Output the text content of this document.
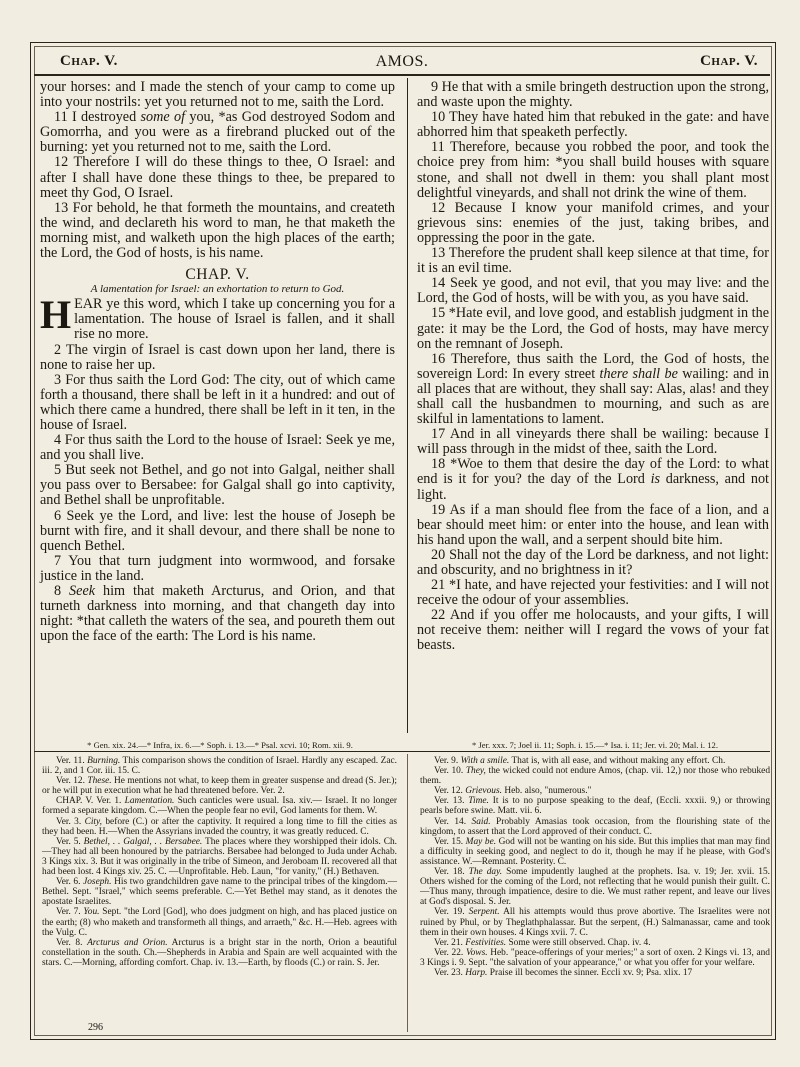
AMOS.
Chap. V.	Chap. V.

your horses: and I made the stench of your camp to come up into your nostrils: yet you returned not to me, saith the Lord.

11 I destroyed some of you, *as God destroyed Sodom and Gomorrha, and you were as a firebrand plucked out of the burning: yet you returned not to me, saith the Lord.

12 Therefore I will do these things to thee, O Israel: and after I shall have done these things to thee, be prepared to meet thy God, O Israel.

13 For behold, he that formeth the mountains, and createth the wind, and declareth his word to man, he that maketh the morning mist, and walketh upon the high places of the earth; the Lord, the God of hosts, is his name.

CHAP. V.
A lamentation for Israel: an exhortation to return to God.

HEAR ye this word, which I take up concerning you for a lamentation. The house of Israel is fallen, and it shall rise no more.

2 The virgin of Israel is cast down upon her land, there is none to raise her up.

3 For thus saith the Lord God: The city, out of which came forth a thousand, there shall be left in it a hundred: and out of which there came a hundred, there shall be left in it ten, in the house of Israel.

4 For thus saith the Lord to the house of Israel: Seek ye me, and you shall live.

5 But seek not Bethel, and go not into Galgal, neither shall you pass over to Bersabee: for Galgal shall go into captivity, and Bethel shall be unprofitable.

6 Seek ye the Lord, and live: lest the house of Joseph be burnt with fire, and it shall devour, and there shall be none to quench Bethel.

7 You that turn judgment into wormwood, and forsake justice in the land.

8 Seek him that maketh Arcturus, and Orion, and that turneth darkness into morning, and that changeth day into night: *that calleth the waters of the sea, and poureth them out upon the face of the earth: The Lord is his name.

9 He that with a smile bringeth destruction upon the strong, and waste upon the mighty.

10 They have hated him that rebuked in the gate: and have abhorred him that speaketh perfectly.

11 Therefore, because you robbed the poor, and took the choice prey from him: *you shall build houses with square stone, and shall not dwell in them: you shall plant most delightful vineyards, and shall not drink the wine of them.

12 Because I know your manifold crimes, and your grievous sins: enemies of the just, taking bribes, and oppressing the poor in the gate.

13 Therefore the prudent shall keep silence at that time, for it is an evil time.

14 Seek ye good, and not evil, that you may live: and the Lord, the God of hosts, will be with you, as you have said.

15 *Hate evil, and love good, and establish judgment in the gate: it may be the Lord, the God of hosts, may have mercy on the remnant of Joseph.

16 Therefore, thus saith the Lord, the God of hosts, the sovereign Lord: In every street there shall be wailing: and in all places that are without, they shall say: Alas, alas! and they shall call the husbandmen to mourning, and such as are skilful in lamentations to lament.

17 And in all vineyards there shall be wailing: because I will pass through in the midst of thee, saith the Lord.

18 *Woe to them that desire the day of the Lord: to what end is it for you? the day of the Lord is darkness, and not light.

19 As if a man should flee from the face of a lion, and a bear should meet him: or enter into the house, and lean with his hand upon the wall, and a serpent should bite him.

20 Shall not the day of the Lord be darkness, and not light: and obscurity, and no brightness in it?

21 *I hate, and have rejected your festivities: and I will not receive the odour of your assemblies.

22 And if you offer me holocausts, and your gifts, I will not receive them: neither will I regard the vows of your fat beasts.

* Gen. xix. 24.—* Infra, ix. 6.—* Soph. i. 13.—* Psal. xcvi. 10; Rom. xii. 9.	* Jer. xxx. 7; Joel ii. 11; Soph. i. 15.—* Isa. i. 11; Jer. vi. 20; Mal. i. 12.

Ver. 11. Burning. This comparison shows the condition of Israel. Hardly any escaped. Zac. iii. 2, and 1 Cor. iii. 15. C.

Ver. 12. These. He mentions not what, to keep them in greater suspense and dread (S. Jer.); or he will put in execution what he had threatened before. Ver. 2.

CHAP. V. Ver. 1. Lamentation. Such canticles were usual. Isa. xiv.— Israel. It no longer formed a separate kingdom. C.—When the people fear no evil, God laments for them. W.

Ver. 3. City, before (C.) or after the captivity. It required a long time to fill the cities as they had been. H.—When the Assyrians invaded the country, it was greatly reduced. C.

Ver. 5. Bethel, . . Galgal, . . Bersabee. The places where they worshipped their idols. Ch.—They had all been honoured by the patriarchs. Bersabee had belonged to Juda under Achab. 3 Kings xix. 3. But it was originally in the tribe of Simeon, and Jeroboam II. recovered all that had been lost. 4 Kings xiv. 25. C. —Unprofitable. Heb. Laun, "for vanity," (H.) Bethaven.

Ver. 6. Joseph. His two grandchildren gave name to the principal tribes of the kingdom.—Bethel. Sept. "Israel," which seems preferable. C.—Yet Bethel may stand, as it denotes the apostate Israelites.

Ver. 7. You. Sept. "the Lord [God], who does judgment on high, and has placed justice on the earth; (8) who maketh and transformeth all things, and arraeth," &c. H.—Heb. agrees with the Vulg. C.

Ver. 8. Arcturus and Orion. Arcturus is a bright star in the north, Orion a beautiful constellation in the south. Ch.—Shepherds in Arabia and Spain are well acquainted with the stars. C.—Morning, affording comfort. Chap. iv. 13.—Earth, by floods (C.) or rain. S. Jer.

Ver. 9. With a smile. That is, with all ease, and without making any effort. Ch.

Ver. 10. They, the wicked could not endure Amos, (chap. vii. 12,) nor those who rebuked them.

Ver. 12. Grievous. Heb. also, "numerous."

Ver. 13. Time. It is to no purpose speaking to the deaf, (Eccli. xxxii. 9,) or throwing pearls before swine. Matt. vii. 6.

Ver. 14. Said. Probably Amasias took occasion, from the flourishing state of the kingdom, to assert that the Lord approved of their conduct. C.

Ver. 15. May be. God will not be wanting on his side. But this implies that man may find a difficulty in seeking good, and neglect to do it, though he may if he please, with God's assistance. W.—Remnant. Posterity. C.

Ver. 18. The day. Some impudently laughed at the prophets. Isa. v. 19; Jer. xvii. 15. Others wished for the coming of the Lord, not reflecting that he would punish their guilt. C.—Thus many, through impatience, desire to die. We must rather repent, and leave our lives at God's disposal. S. Jer.

Ver. 19. Serpent. All his attempts would thus prove abortive. The Israelites were not ruined by Phul, or by Theglathphalassar. But the serpent, (H.) Salmanassar, came and took them in their own houses. 4 Kings xvii. 7. C.

Ver. 21. Festivities. Some were still observed. Chap. iv. 4.

Ver. 22. Vows. Heb. "peace-offerings of your meries;" a sort of oxen. 2 Kings vi. 13, and 3 Kings i. 9. Sept. "the salvation of your appearance," or what you offer for your welfare.

Ver. 23. Harp. Praise ill becomes the sinner. Eccli xv. 9; Psa. xlix. 17

296
